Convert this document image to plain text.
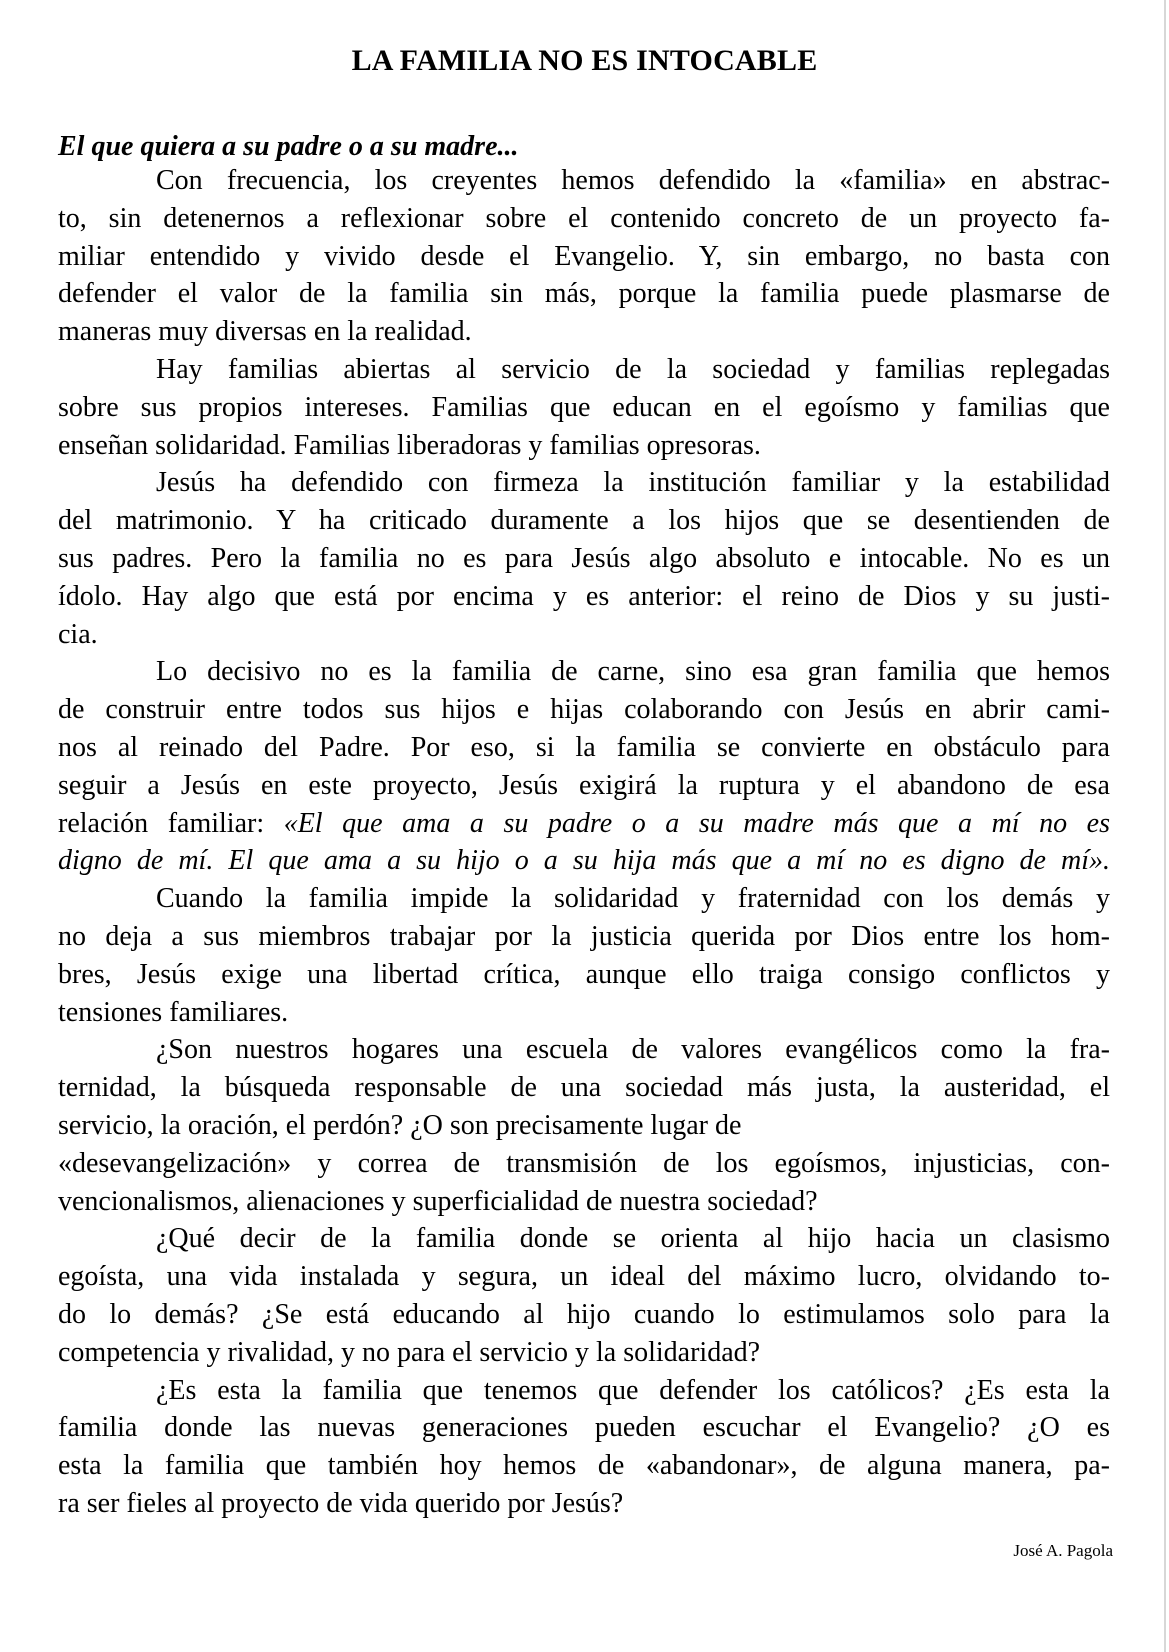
LA FAMILIA NO ES INTOCABLE
El que quiera a su padre o a su madre...
Con frecuencia, los creyentes hemos defendido la «familia» en abstrac-
to, sin detenernos a reflexionar sobre el contenido concreto de un proyecto fa-
miliar entendido y vivido desde el Evangelio. Y, sin embargo, no basta con
defender el valor de la familia sin más, porque la familia puede plasmarse de
maneras muy diversas en la realidad.
Hay familias abiertas al servicio de la sociedad y familias replegadas
sobre sus propios intereses. Familias que educan en el egoísmo y familias que
enseñan solidaridad. Familias liberadoras y familias opresoras.
Jesús ha defendido con firmeza la institución familiar y la estabilidad
del matrimonio. Y ha criticado duramente a los hijos que se desentienden de
sus padres. Pero la familia no es para Jesús algo absoluto e intocable. No es un
ídolo. Hay algo que está por encima y es anterior: el reino de Dios y su justi-
cia.
Lo decisivo no es la familia de carne, sino esa gran familia que hemos
de construir entre todos sus hijos e hijas colaborando con Jesús en abrir cami-
nos al reinado del Padre. Por eso, si la familia se convierte en obstáculo para
seguir a Jesús en este proyecto, Jesús exigirá la ruptura y el abandono de esa
relación familiar: «El que ama a su padre o a su madre más que a mí no es
digno de mí. El que ama a su hijo o a su hija más que a mí no es digno de mí».
Cuando la familia impide la solidaridad y fraternidad con los demás y
no deja a sus miembros trabajar por la justicia querida por Dios entre los hom-
bres, Jesús exige una libertad crítica, aunque ello traiga consigo conflictos y
tensiones familiares.
¿Son nuestros hogares una escuela de valores evangélicos como la fra-
ternidad, la búsqueda responsable de una sociedad más justa, la austeridad, el
servicio, la oración, el perdón? ¿O son precisamente lugar de
«desevangelización» y correa de transmisión de los egoísmos, injusticias, con-
vencionalismos, alienaciones y superficialidad de nuestra sociedad?
¿Qué decir de la familia donde se orienta al hijo hacia un clasismo
egoísta, una vida instalada y segura, un ideal del máximo lucro, olvidando to-
do lo demás? ¿Se está educando al hijo cuando lo estimulamos solo para la
competencia y rivalidad, y no para el servicio y la solidaridad?
¿Es esta la familia que tenemos que defender los católicos? ¿Es esta la
familia donde las nuevas generaciones pueden escuchar el Evangelio? ¿O es
esta la familia que también hoy hemos de «abandonar», de alguna manera, pa-
ra ser fieles al proyecto de vida querido por Jesús?
José A. Pagola
